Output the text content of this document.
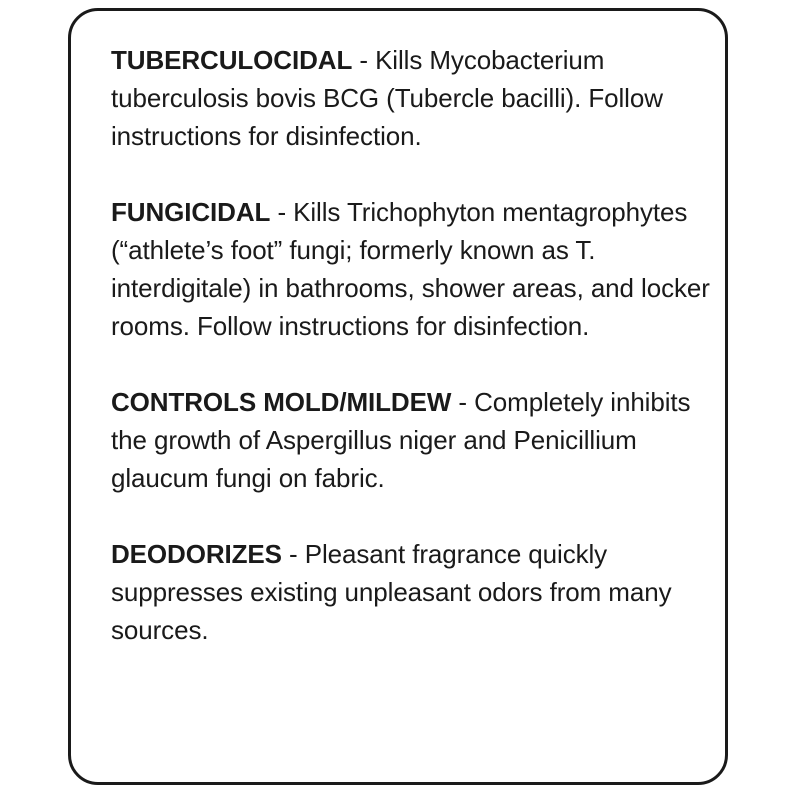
TUBERCULOCIDAL - Kills Mycobacterium tuberculosis bovis BCG (Tubercle bacilli). Follow instructions for disinfection.

FUNGICIDAL - Kills Trichophyton mentagrophytes (“athlete’s foot” fungi; formerly known as T. interdigitale) in bathrooms, shower areas, and locker rooms. Follow instructions for disinfection.

CONTROLS MOLD/MILDEW - Completely inhibits the growth of Aspergillus niger and Penicillium glaucum fungi on fabric.

DEODORIZES - Pleasant fragrance quickly suppresses existing unpleasant odors from many sources.
